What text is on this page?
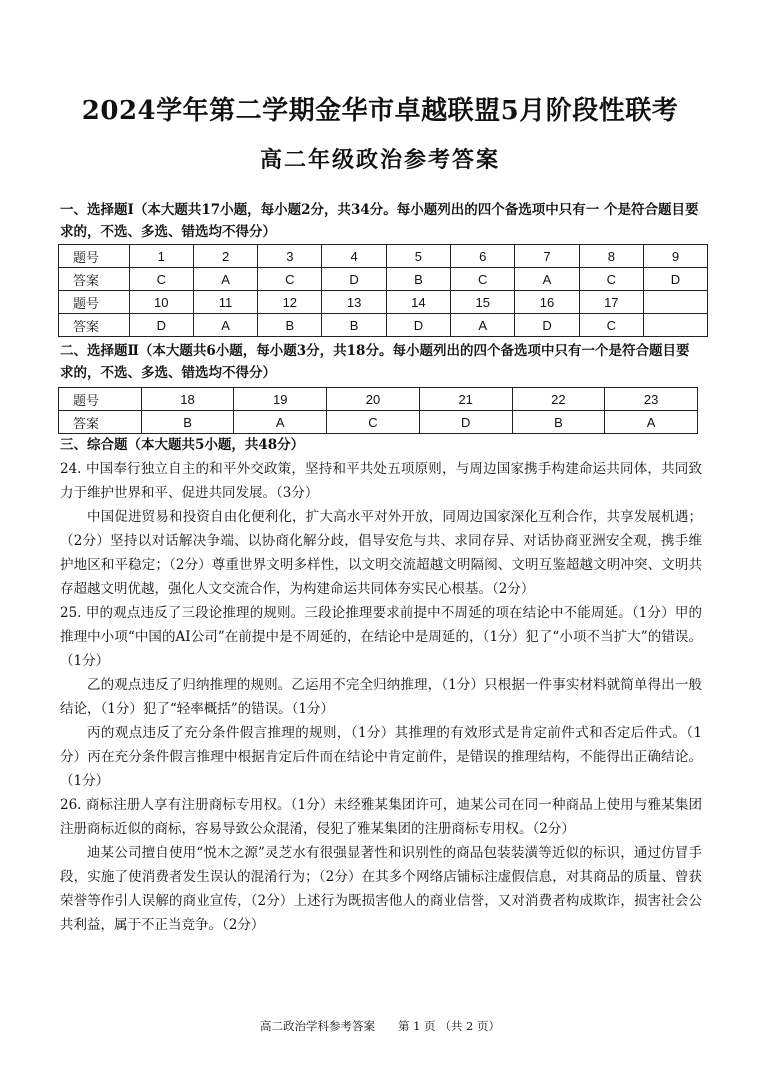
2024学年第二学期金华市卓越联盟5月阶段性联考
高二年级政治参考答案
一、选择题Ⅰ（本大题共17小题，每小题2分，共34分。每小题列出的四个备选项中只有一 个是符合题目要求的，不选、多选、错选均不得分）
题号	1	2	3	4	5	6	7	8	9
答案	C	A	C	D	B	C	A	C	D
题号	10	11	12	13	14	15	16	17	
答案	D	A	B	B	D	A	D	C	
二、选择题Ⅱ（本大题共6小题，每小题3分，共18分。每小题列出的四个备选项中只有一个是符合题目要求的，不选、多选、错选均不得分）
题号	18	19	20	21	22	23
答案	B	A	C	D	B	A
三、综合题（本大题共5小题，共48分）

24. 中国奉行独立自主的和平外交政策，坚持和平共处五项原则，与周边国家携手构建命运共同体，共同致力于维护世界和平、促进共同发展。（3分）

中国促进贸易和投资自由化便利化，扩大高水平对外开放，同周边国家深化互利合作，共享发展机遇；（2分）坚持以对话解决争端、以协商化解分歧，倡导安危与共、求同存异、对话协商亚洲安全观，携手维护地区和平稳定；（2分）尊重世界文明多样性，以文明交流超越文明隔阂、文明互鉴超越文明冲突、文明共存超越文明优越，强化人文交流合作，为构建命运共同体夯实民心根基。（2分）

25. 甲的观点违反了三段论推理的规则。三段论推理要求前提中不周延的项在结论中不能周延。（1分）甲的推理中小项“中国的AI公司”在前提中是不周延的，在结论中是周延的，（1分）犯了“小项不当扩大”的错误。（1分）

乙的观点违反了归纳推理的规则。乙运用不完全归纳推理，（1分）只根据一件事实材料就简单得出一般结论，（1分）犯了“轻率概括”的错误。（1分）

丙的观点违反了充分条件假言推理的规则，（1分）其推理的有效形式是肯定前件式和否定后件式。（1分）丙在充分条件假言推理中根据肯定后件而在结论中肯定前件，是错误的推理结构，不能得出正确结论。（1分）

26. 商标注册人享有注册商标专用权。（1分）未经雅某集团许可，迪某公司在同一种商品上使用与雅某集团注册商标近似的商标，容易导致公众混淆，侵犯了雅某集团的注册商标专用权。（2分）

迪某公司擅自使用“悦木之源”灵芝水有很强显著性和识别性的商品包装装潢等近似的标识，通过仿冒手段，实施了使消费者发生误认的混淆行为；（2分）在其多个网络店铺标注虚假信息，对其商品的质量、曾获荣誉等作引人误解的商业宣传，（2分）上述行为既损害他人的商业信誉，又对消费者构成欺诈，损害社会公共利益，属于不正当竞争。（2分）

高二政治学科参考答案　　第 1 页 （共 2 页）
